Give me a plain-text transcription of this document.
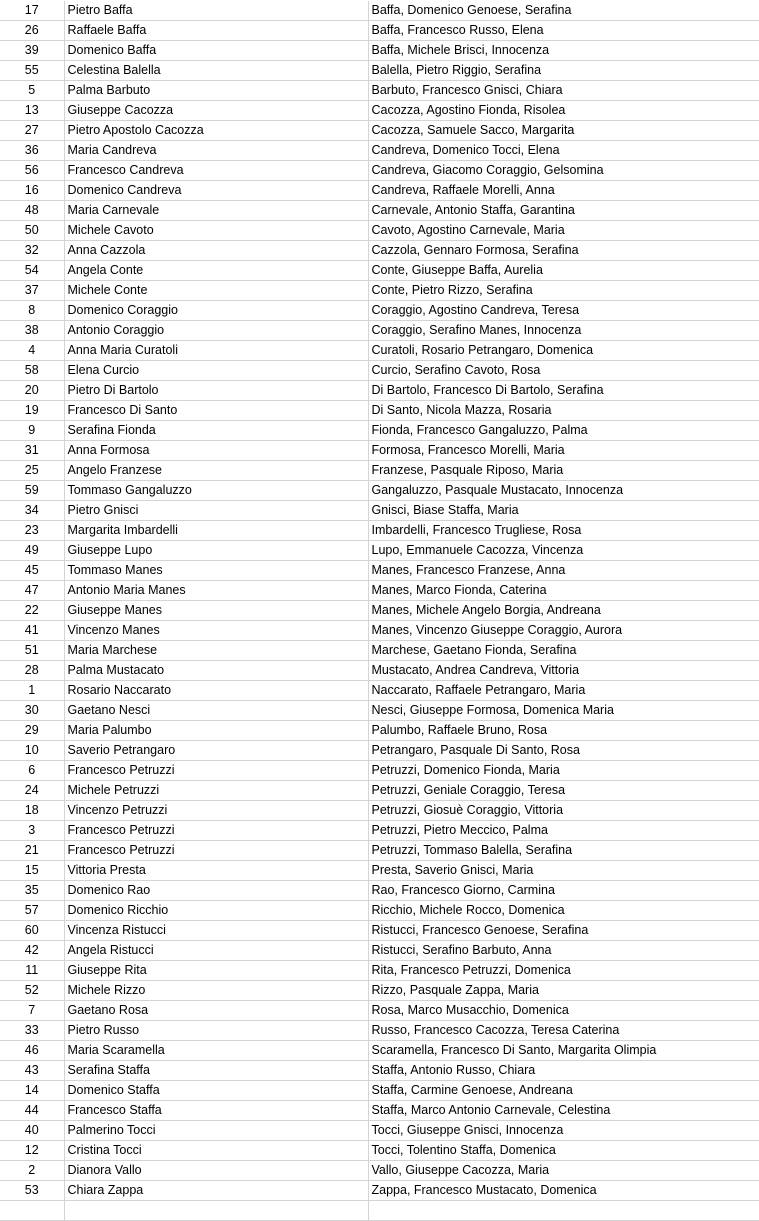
17	Pietro Baffa	Baffa, Domenico Genoese, Serafina
26	Raffaele Baffa	Baffa, Francesco Russo, Elena
39	Domenico Baffa	Baffa, Michele Brisci, Innocenza
55	Celestina Balella	Balella, Pietro Riggio, Serafina
5	Palma Barbuto	Barbuto, Francesco Gnisci, Chiara
13	Giuseppe Cacozza	Cacozza, Agostino Fionda, Risolea
27	Pietro Apostolo Cacozza	Cacozza, Samuele Sacco, Margarita
36	Maria Candreva	Candreva, Domenico Tocci, Elena
56	Francesco Candreva	Candreva, Giacomo Coraggio, Gelsomina
16	Domenico Candreva	Candreva, Raffaele Morelli, Anna
48	Maria Carnevale	Carnevale, Antonio Staffa, Garantina
50	Michele Cavoto	Cavoto, Agostino Carnevale, Maria
32	Anna Cazzola	Cazzola, Gennaro Formosa, Serafina
54	Angela Conte	Conte, Giuseppe Baffa, Aurelia
37	Michele Conte	Conte, Pietro Rizzo, Serafina
8	Domenico Coraggio	Coraggio, Agostino Candreva, Teresa
38	Antonio Coraggio	Coraggio, Serafino Manes, Innocenza
4	Anna Maria Curatoli	Curatoli, Rosario Petrangaro, Domenica
58	Elena Curcio	Curcio, Serafino Cavoto, Rosa
20	Pietro Di Bartolo	Di Bartolo, Francesco Di Bartolo, Serafina
19	Francesco Di Santo	Di Santo, Nicola Mazza, Rosaria
9	Serafina Fionda	Fionda, Francesco Gangaluzzo, Palma
31	Anna Formosa	Formosa, Francesco Morelli, Maria
25	Angelo Franzese	Franzese, Pasquale Riposo, Maria
59	Tommaso Gangaluzzo	Gangaluzzo, Pasquale Mustacato, Innocenza
34	Pietro Gnisci	Gnisci, Biase Staffa, Maria
23	Margarita Imbardelli	Imbardelli, Francesco Trugliese, Rosa
49	Giuseppe Lupo	Lupo, Emmanuele Cacozza, Vincenza
45	Tommaso Manes	Manes, Francesco Franzese, Anna
47	Antonio Maria Manes	Manes, Marco Fionda, Caterina
22	Giuseppe Manes	Manes, Michele Angelo Borgia, Andreana
41	Vincenzo Manes	Manes, Vincenzo Giuseppe Coraggio, Aurora
51	Maria Marchese	Marchese, Gaetano Fionda, Serafina
28	Palma Mustacato	Mustacato, Andrea Candreva, Vittoria
1	Rosario Naccarato	Naccarato, Raffaele Petrangaro, Maria
30	Gaetano Nesci	Nesci, Giuseppe Formosa, Domenica Maria
29	Maria Palumbo	Palumbo, Raffaele Bruno, Rosa
10	Saverio Petrangaro	Petrangaro, Pasquale Di Santo, Rosa
6	Francesco Petruzzi	Petruzzi, Domenico Fionda, Maria
24	Michele Petruzzi	Petruzzi, Geniale Coraggio, Teresa
18	Vincenzo Petruzzi	Petruzzi, Giosuè Coraggio, Vittoria
3	Francesco Petruzzi	Petruzzi, Pietro Meccico, Palma
21	Francesco Petruzzi	Petruzzi, Tommaso Balella, Serafina
15	Vittoria Presta	Presta, Saverio Gnisci, Maria
35	Domenico Rao	Rao, Francesco Giorno, Carmina
57	Domenico Ricchio	Ricchio, Michele Rocco, Domenica
60	Vincenza Ristucci	Ristucci, Francesco Genoese, Serafina
42	Angela Ristucci	Ristucci, Serafino Barbuto, Anna
11	Giuseppe Rita	Rita, Francesco Petruzzi, Domenica
52	Michele Rizzo	Rizzo, Pasquale Zappa, Maria
7	Gaetano Rosa	Rosa, Marco Musacchio, Domenica
33	Pietro Russo	Russo, Francesco Cacozza, Teresa Caterina
46	Maria Scaramella	Scaramella, Francesco Di Santo, Margarita Olimpia
43	Serafina Staffa	Staffa, Antonio Russo, Chiara
14	Domenico Staffa	Staffa, Carmine Genoese, Andreana
44	Francesco Staffa	Staffa, Marco Antonio Carnevale, Celestina
40	Palmerino Tocci	Tocci, Giuseppe Gnisci, Innocenza
12	Cristina Tocci	Tocci, Tolentino Staffa, Domenica
2	Dianora Vallo	Vallo, Giuseppe Cacozza, Maria
53	Chiara Zappa	Zappa, Francesco Mustacato, Domenica
